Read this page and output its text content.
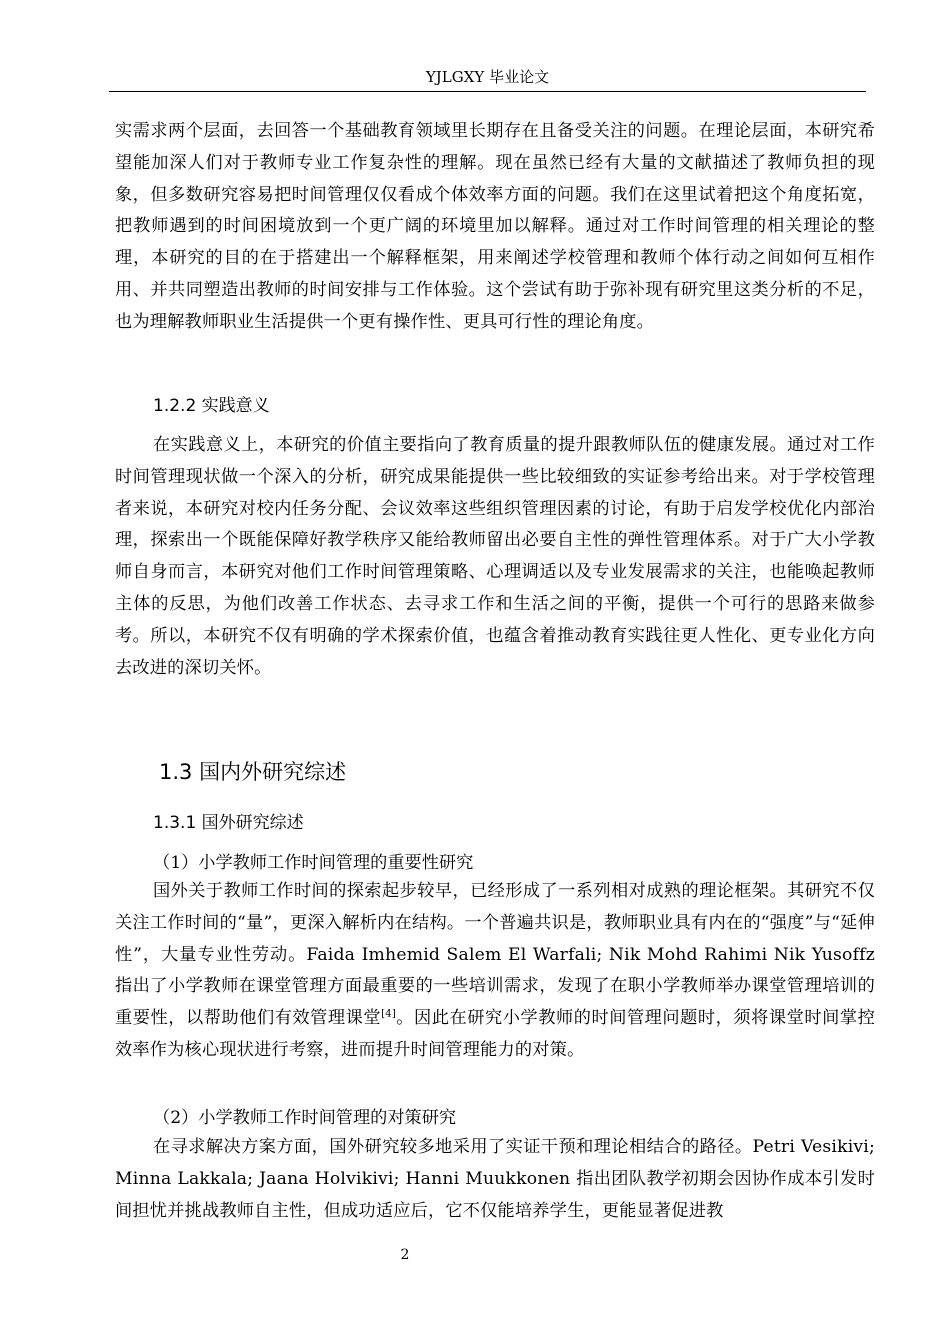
YJLGXY 毕业论文

实需求两个层面，去回答一个基础教育领域里长期存在且备受关注的问题。在理论层面，本研究希望能加深人们对于教师专业工作复杂性的理解。现在虽然已经有大量的文献描述了教师负担的现象，但多数研究容易把时间管理仅仅看成个体效率方面的问题。我们在这里试着把这个角度拓宽，把教师遇到的时间困境放到一个更广阔的环境里加以解释。通过对工作时间管理的相关理论的整理，本研究的目的在于搭建出一个解释框架，用来阐述学校管理和教师个体行动之间如何互相作用、并共同塑造出教师的时间安排与工作体验。这个尝试有助于弥补现有研究里这类分析的不足，也为理解教师职业生活提供一个更有操作性、更具可行性的理论角度。

1.2.2 实践意义

在实践意义上，本研究的价值主要指向了教育质量的提升跟教师队伍的健康发展。通过对工作时间管理现状做一个深入的分析，研究成果能提供一些比较细致的实证参考给出来。对于学校管理者来说，本研究对校内任务分配、会议效率这些组织管理因素的讨论，有助于启发学校优化内部治理，探索出一个既能保障好教学秩序又能给教师留出必要自主性的弹性管理体系。对于广大小学教师自身而言，本研究对他们工作时间管理策略、心理调适以及专业发展需求的关注，也能唤起教师主体的反思，为他们改善工作状态、去寻求工作和生活之间的平衡，提供一个可行的思路来做参考。所以，本研究不仅有明确的学术探索价值，也蕴含着推动教育实践往更人性化、更专业化方向去改进的深切关怀。

1.3 国内外研究综述
1.3.1 国外研究综述

（1）小学教师工作时间管理的重要性研究

国外关于教师工作时间的探索起步较早，已经形成了一系列相对成熟的理论框架。其研究不仅关注工作时间的“量”，更深入解析内在结构。一个普遍共识是，教师职业具有内在的“强度”与“延伸性”，大量专业性劳动。Faida Imhemid Salem El Warfali; Nik Mohd Rahimi Nik Yusoffz 指出了小学教师在课堂管理方面最重要的一些培训需求，发现了在职小学教师举办课堂管理培训的重要性，以帮助他们有效管理课堂[4]。因此在研究小学教师的时间管理问题时，须将课堂时间掌控效率作为核心现状进行考察，进而提升时间管理能力的对策。

（2）小学教师工作时间管理的对策研究

在寻求解决方案方面，国外研究较多地采用了实证干预和理论相结合的路径。Petri Vesikivi; Minna Lakkala; Jaana Holvikivi; Hanni Muukkonen 指出团队教学初期会因协作成本引发时间担忧并挑战教师自主性，但成功适应后，它不仅能培养学生，更能显著促进教

2
